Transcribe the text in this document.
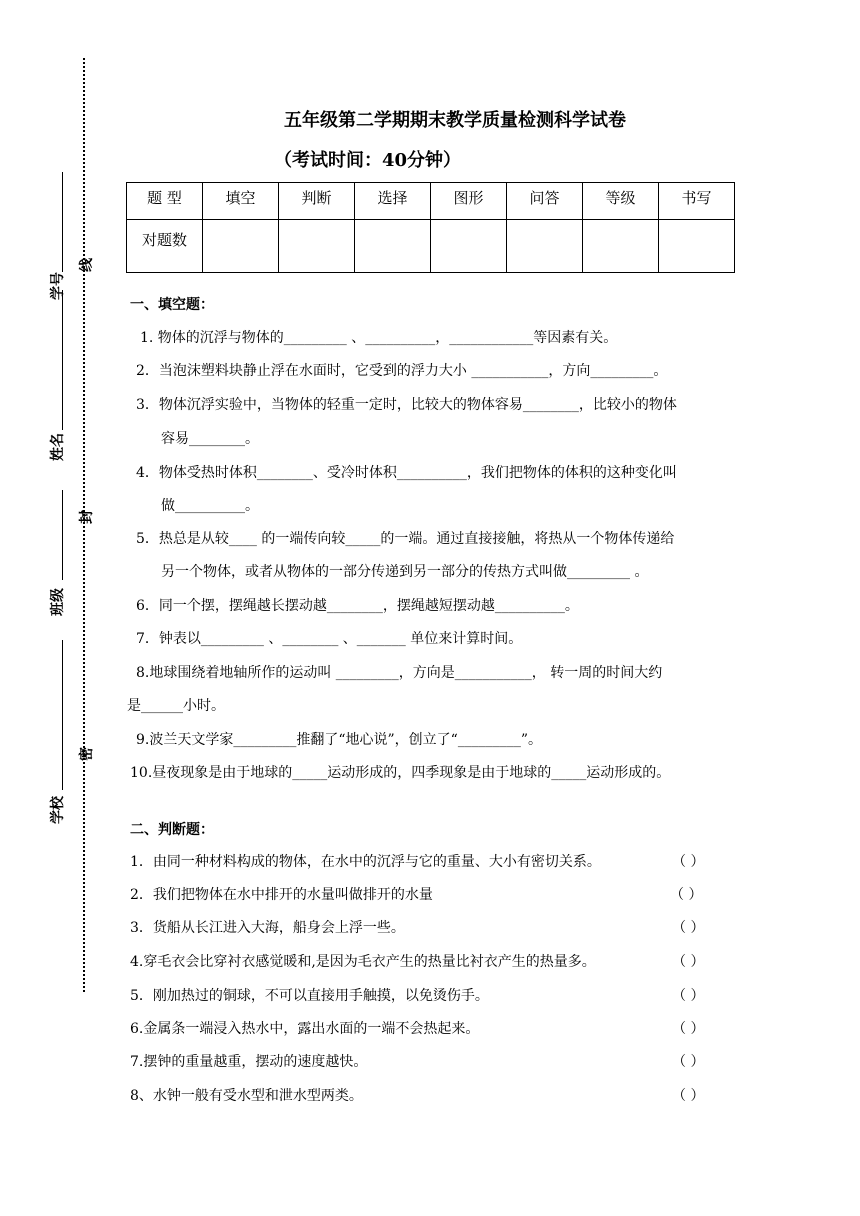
学号
姓名
班级
学校
线
封
密
五年级第二学期期末教学质量检测科学试卷
（考试时间：40分钟）
题 型	填空	判断	选择	图形	问答	等级	书写
对题数							
一、填空题：
1. 物体的沉浮与物体的_________ 、__________，____________等因素有关。
2．当泡沫塑料块静止浮在水面时，它受到的浮力大小 ___________，方向_________。
3．物体沉浮实验中，当物体的轻重一定时，比较大的物体容易________，比较小的物体
容易________。
4．物体受热时体积________、受冷时体积__________，我们把物体的体积的这种变化叫
做__________。
5．热总是从较____ 的一端传向较_____的一端。通过直接接触，将热从一个物体传递给
另一个物体，或者从物体的一部分传递到另一部分的传热方式叫做_________ 。
6．同一个摆，摆绳越长摆动越________，摆绳越短摆动越__________。
7．钟表以_________ 、________ 、_______ 单位来计算时间。
8.地球围绕着地轴所作的运动叫 _________，方向是___________， 转一周的时间大约
是______小时。
9.波兰天文学家_________推翻了“地心说”，创立了“_________”。
10.昼夜现象是由于地球的_____运动形成的，四季现象是由于地球的_____运动形成的。
二、判断题：
1．由同一种材料构成的物体，在水中的沉浮与它的重量、大小有密切关系。	（ ）
2．我们把物体在水中排开的水量叫做排开的水量	（ ）
3．货船从长江进入大海，船身会上浮一些。	（ ）
4.穿毛衣会比穿衬衣感觉暖和,是因为毛衣产生的热量比衬衣产生的热量多。	（ ）
5．刚加热过的铜球，不可以直接用手触摸，以免烫伤手。	（ ）
6.金属条一端浸入热水中，露出水面的一端不会热起来。	（ ）
7.摆钟的重量越重，摆动的速度越快。	（ ）
8、水钟一般有受水型和泄水型两类。	（ ）
